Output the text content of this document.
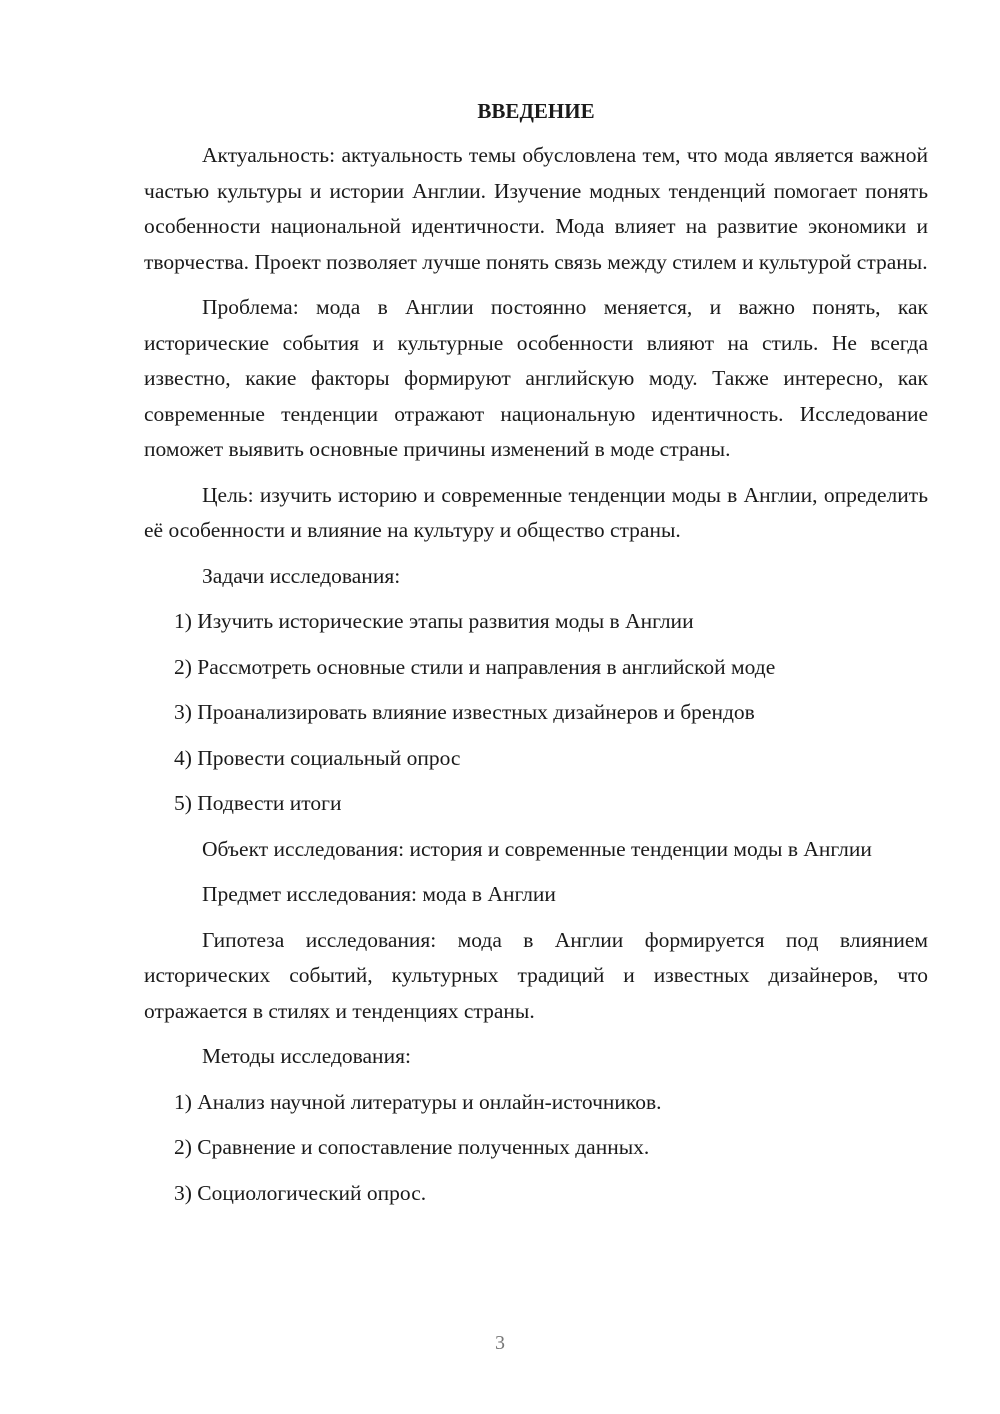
ВВЕДЕНИЕ

Актуальность: актуальность темы обусловлена тем, что мода является важной частью культуры и истории Англии. Изучение модных тенденций помогает понять особенности национальной идентичности. Мода влияет на развитие экономики и творчества. Проект позволяет лучше понять связь между стилем и культурой страны.

Проблема: мода в Англии постоянно меняется, и важно понять, как исторические события и культурные особенности влияют на стиль. Не всегда известно, какие факторы формируют английскую моду. Также интересно, как современные тенденции отражают национальную идентичность. Исследование поможет выявить основные причины изменений в моде страны.

Цель: изучить историю и современные тенденции моды в Англии, определить её особенности и влияние на культуру и общество страны.

Задачи исследования:

1) Изучить исторические этапы развития моды в Англии

2) Рассмотреть основные стили и направления в английской моде

3) Проанализировать влияние известных дизайнеров и брендов

4) Провести социальный опрос

5) Подвести итоги

Объект исследования: история и современные тенденции моды в Англии

Предмет исследования: мода в Англии

Гипотеза исследования: мода в Англии формируется под влиянием исторических событий, культурных традиций и известных дизайнеров, что отражается в стилях и тенденциях страны.

Методы исследования:

1) Анализ научной литературы и онлайн-источников.

2) Сравнение и сопоставление полученных данных.

3) Социологический опрос.

3
